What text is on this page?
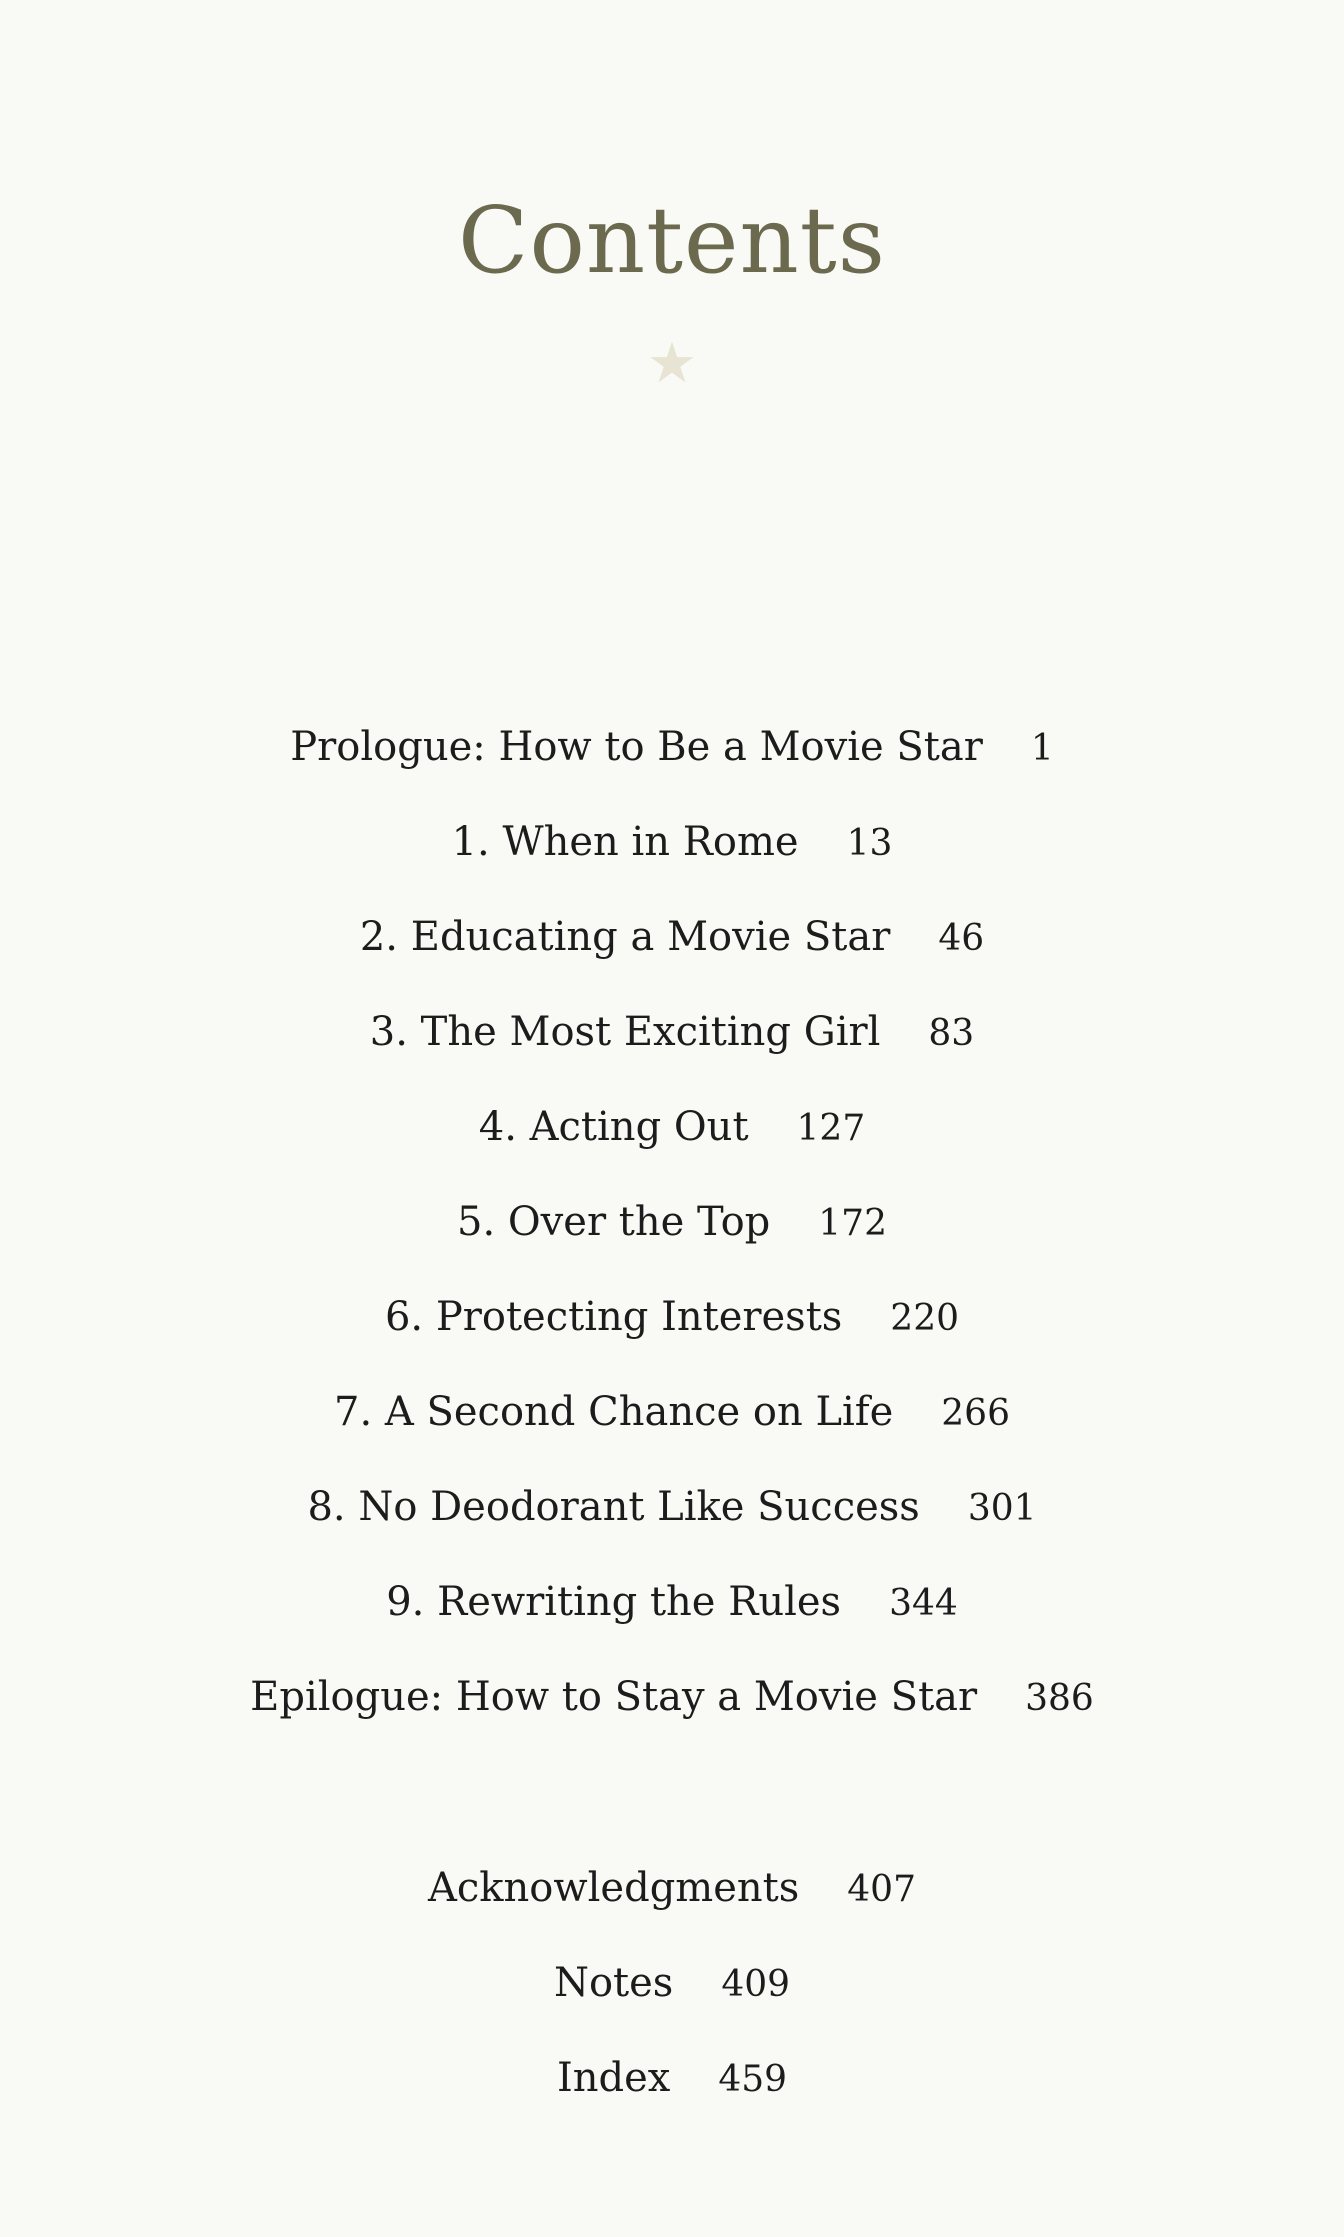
Contents
★
Prologue: How to Be a Movie Star 1
1. When in Rome 13
2. Educating a Movie Star 46
3. The Most Exciting Girl 83
4. Acting Out 127
5. Over the Top 172
6. Protecting Interests 220
7. A Second Chance on Life 266
8. No Deodorant Like Success 301
9. Rewriting the Rules 344
Epilogue: How to Stay a Movie Star 386
Acknowledgments 407
Notes 409
Index 459
